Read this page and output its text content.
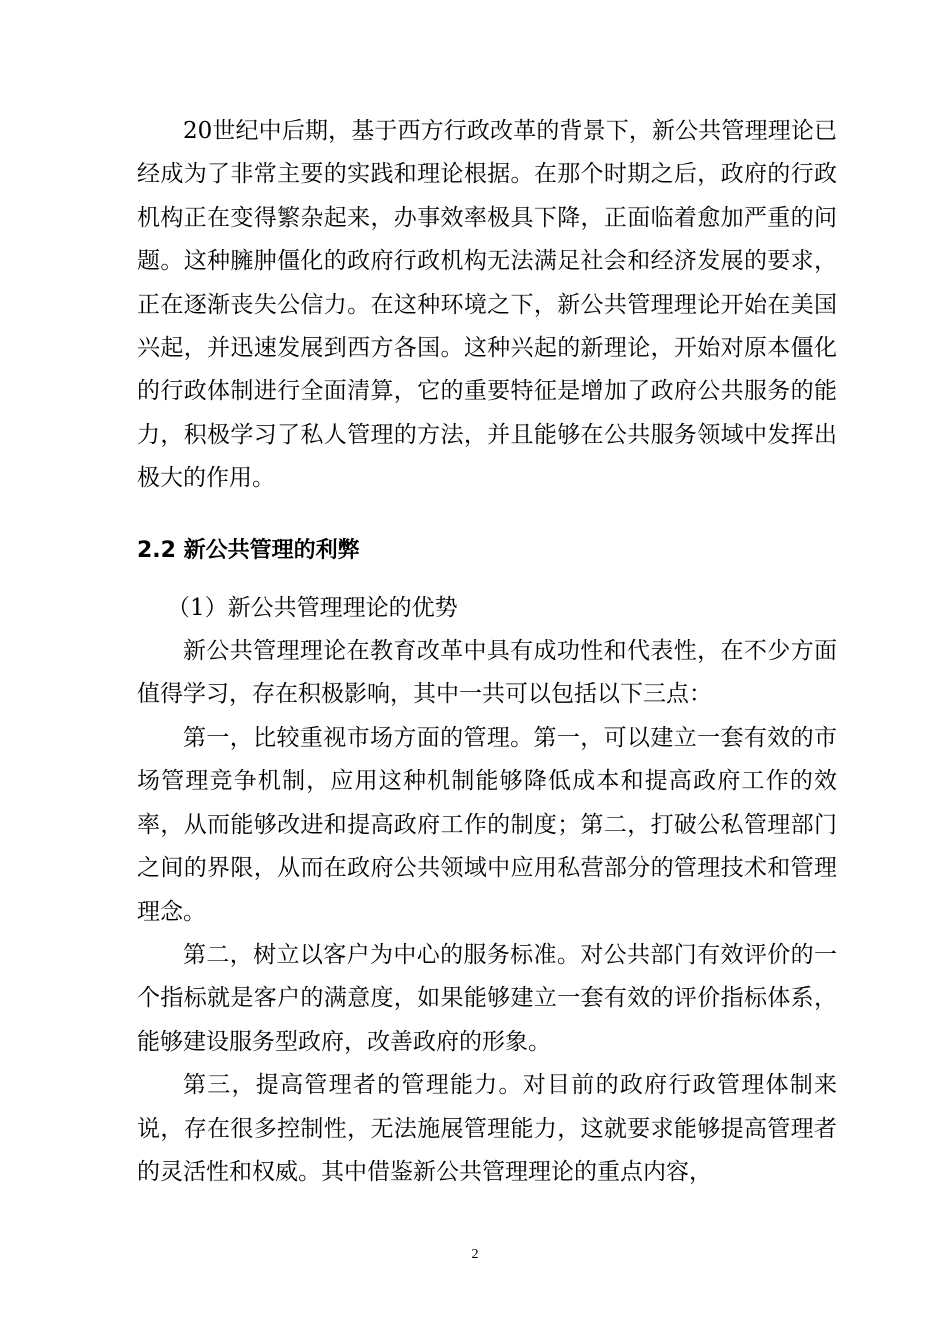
20世纪中后期，基于西方行政改革的背景下，新公共管理理论已经成为了非常主要的实践和理论根据。在那个时期之后，政府的行政机构正在变得繁杂起来，办事效率极具下降，正面临着愈加严重的问题。这种臃肿僵化的政府行政机构无法满足社会和经济发展的要求，正在逐渐丧失公信力。在这种环境之下，新公共管理理论开始在美国兴起，并迅速发展到西方各国。这种兴起的新理论，开始对原本僵化的行政体制进行全面清算，它的重要特征是增加了政府公共服务的能力，积极学习了私人管理的方法，并且能够在公共服务领域中发挥出极大的作用。

2.2 新公共管理的利弊

（1）新公共管理理论的优势

新公共管理理论在教育改革中具有成功性和代表性，在不少方面值得学习，存在积极影响，其中一共可以包括以下三点：

第一，比较重视市场方面的管理。第一，可以建立一套有效的市场管理竞争机制，应用这种机制能够降低成本和提高政府工作的效率，从而能够改进和提高政府工作的制度；第二，打破公私管理部门之间的界限，从而在政府公共领域中应用私营部分的管理技术和管理理念。

第二，树立以客户为中心的服务标准。对公共部门有效评价的一个指标就是客户的满意度，如果能够建立一套有效的评价指标体系，能够建设服务型政府，改善政府的形象。

第三，提高管理者的管理能力。对目前的政府行政管理体制来说，存在很多控制性，无法施展管理能力，这就要求能够提高管理者的灵活性和权威。其中借鉴新公共管理理论的重点内容，

2
